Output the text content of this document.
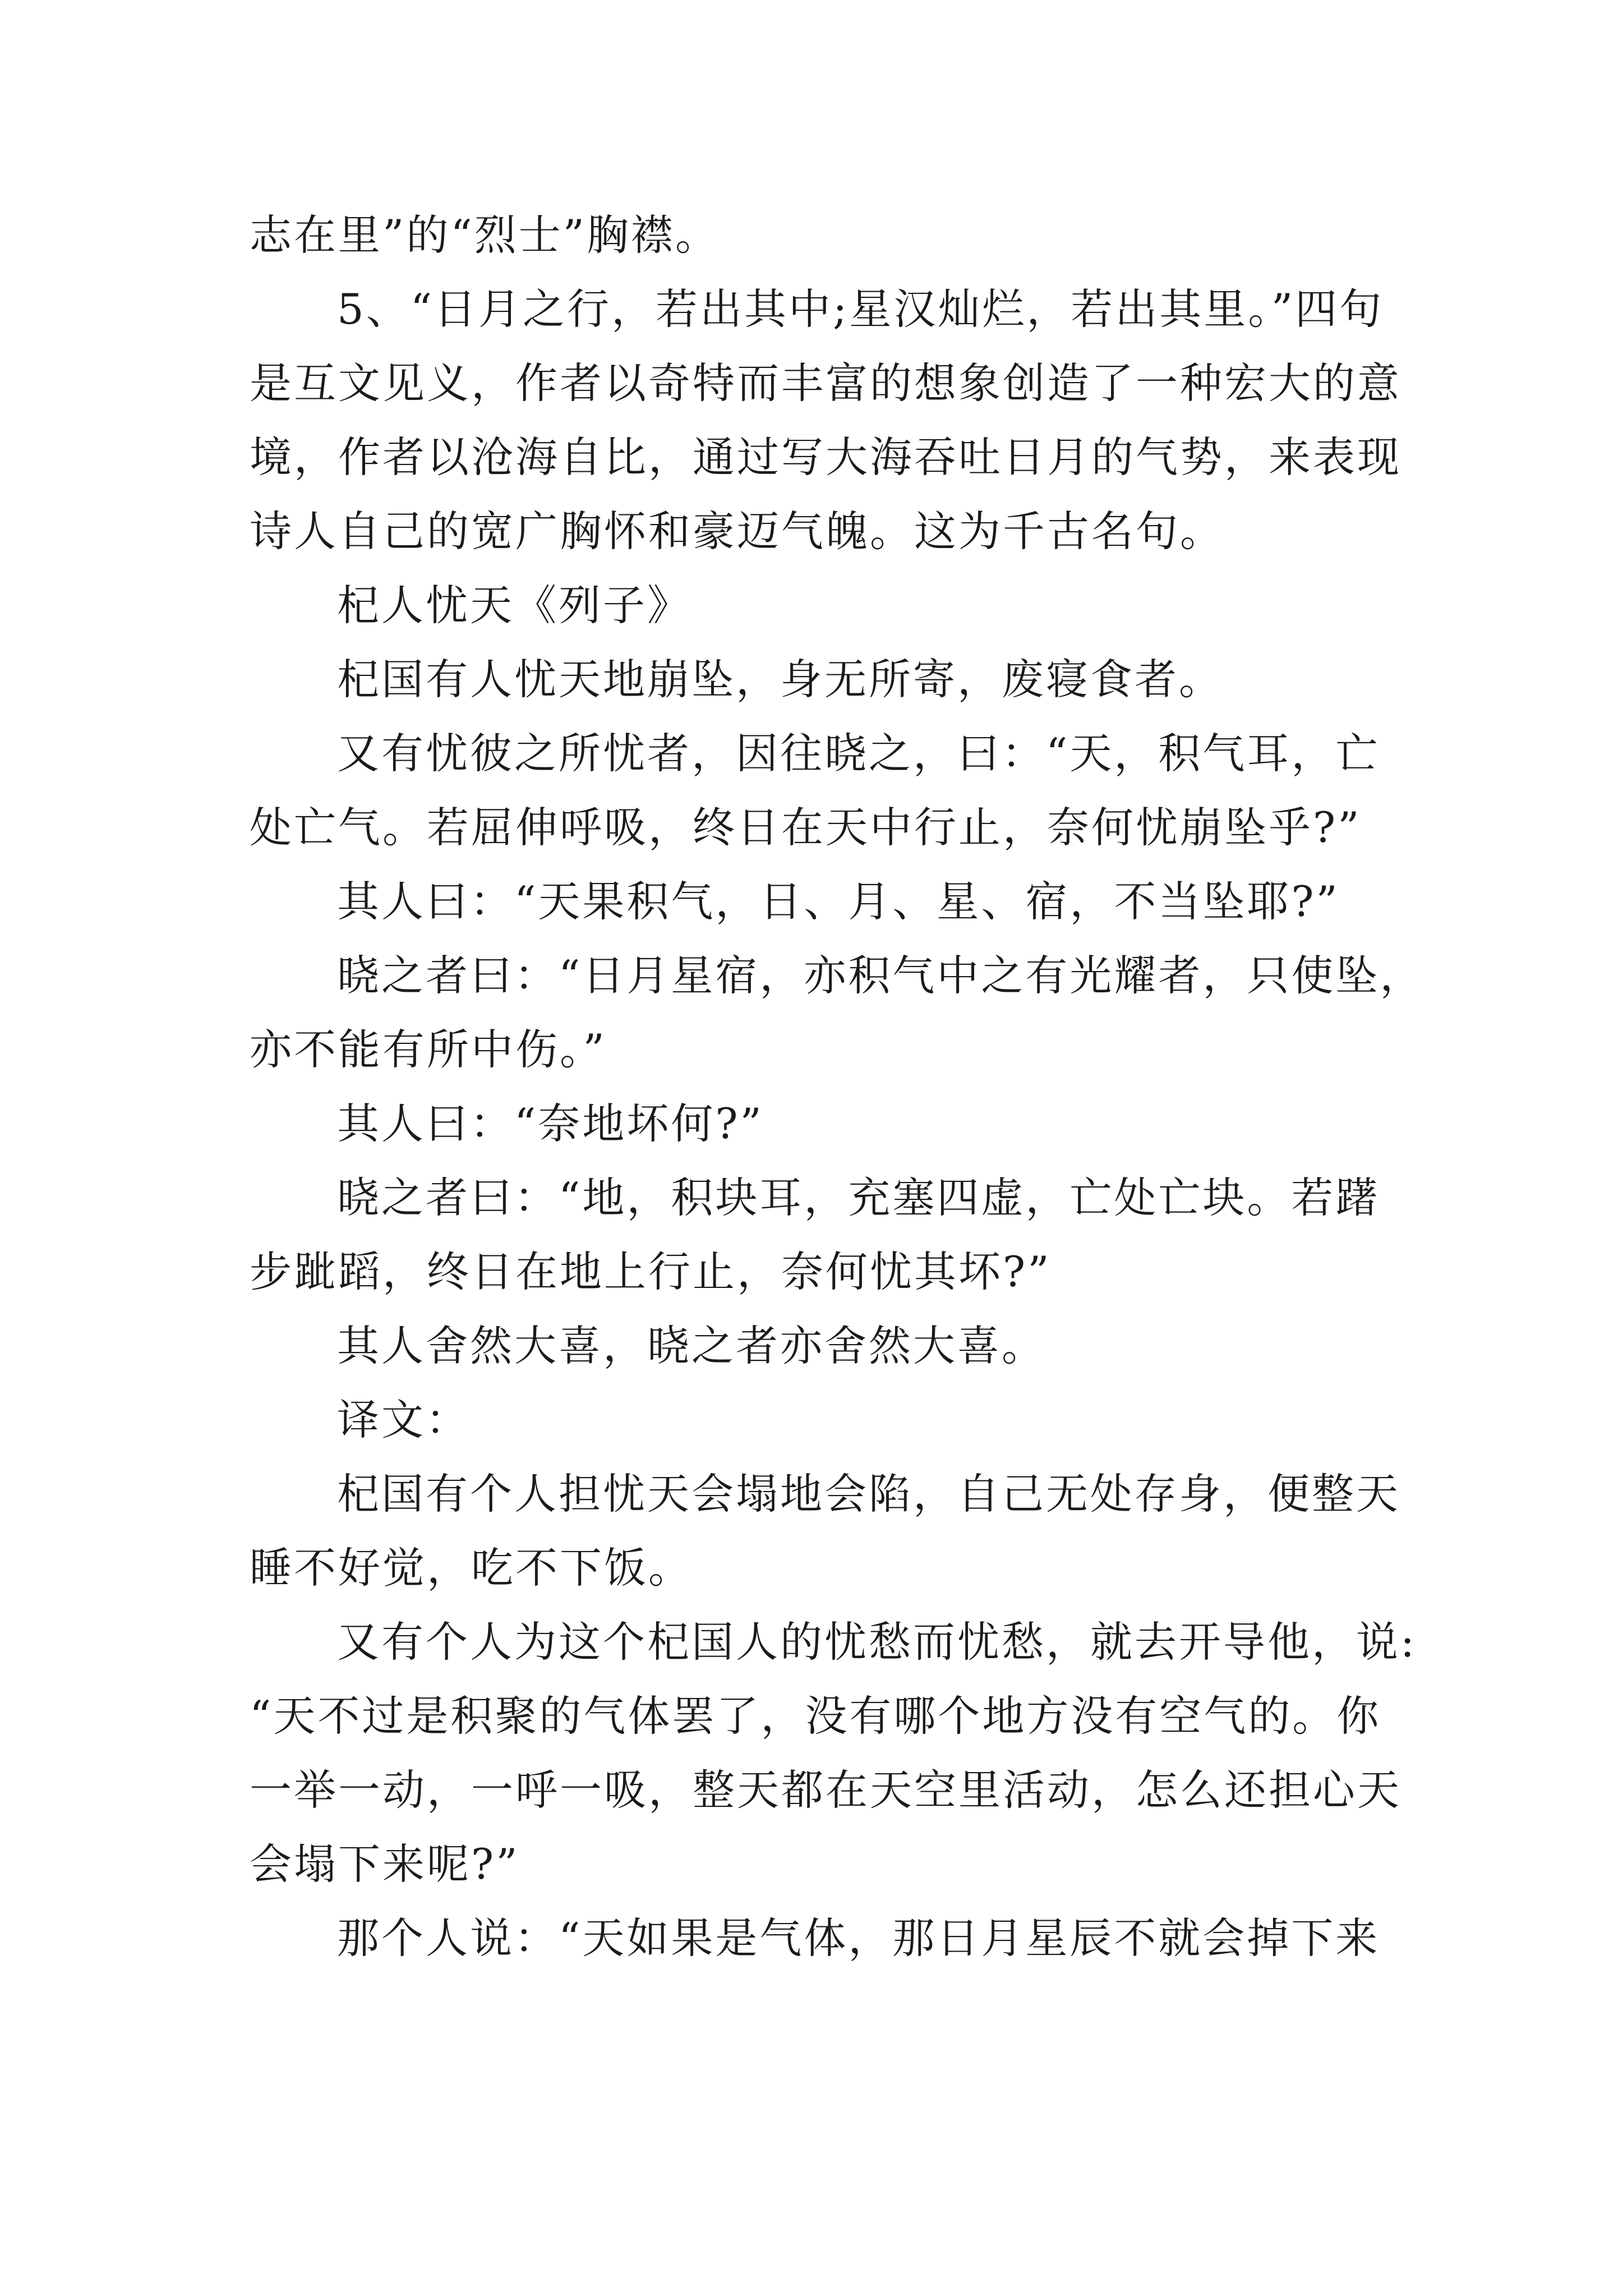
志在里”的“烈士”胸襟。
5、“日月之行，若出其中;星汉灿烂，若出其里。”四句
是互文见义，作者以奇特而丰富的想象创造了一种宏大的意
境，作者以沧海自比，通过写大海吞吐日月的气势，来表现
诗人自己的宽广胸怀和豪迈气魄。这为千古名句。
杞人忧天《列子》
杞国有人忧天地崩坠，身无所寄，废寝食者。
又有忧彼之所忧者，因往晓之，曰：“天，积气耳，亡
处亡气。若屈伸呼吸，终日在天中行止，奈何忧崩坠乎?”
其人曰：“天果积气，日、月、星、宿，不当坠耶?”
晓之者曰：“日月星宿，亦积气中之有光耀者，只使坠，
亦不能有所中伤。”
其人曰：“奈地坏何?”
晓之者曰：“地，积块耳，充塞四虚，亡处亡块。若躇
步跐蹈，终日在地上行止，奈何忧其坏?”
其人舍然大喜，晓之者亦舍然大喜。
译文：
杞国有个人担忧天会塌地会陷，自己无处存身，便整天
睡不好觉，吃不下饭。
又有个人为这个杞国人的忧愁而忧愁，就去开导他，说:
“天不过是积聚的气体罢了，没有哪个地方没有空气的。你
一举一动，一呼一吸，整天都在天空里活动，怎么还担心天
会塌下来呢?”
那个人说：“天如果是气体，那日月星辰不就会掉下来
